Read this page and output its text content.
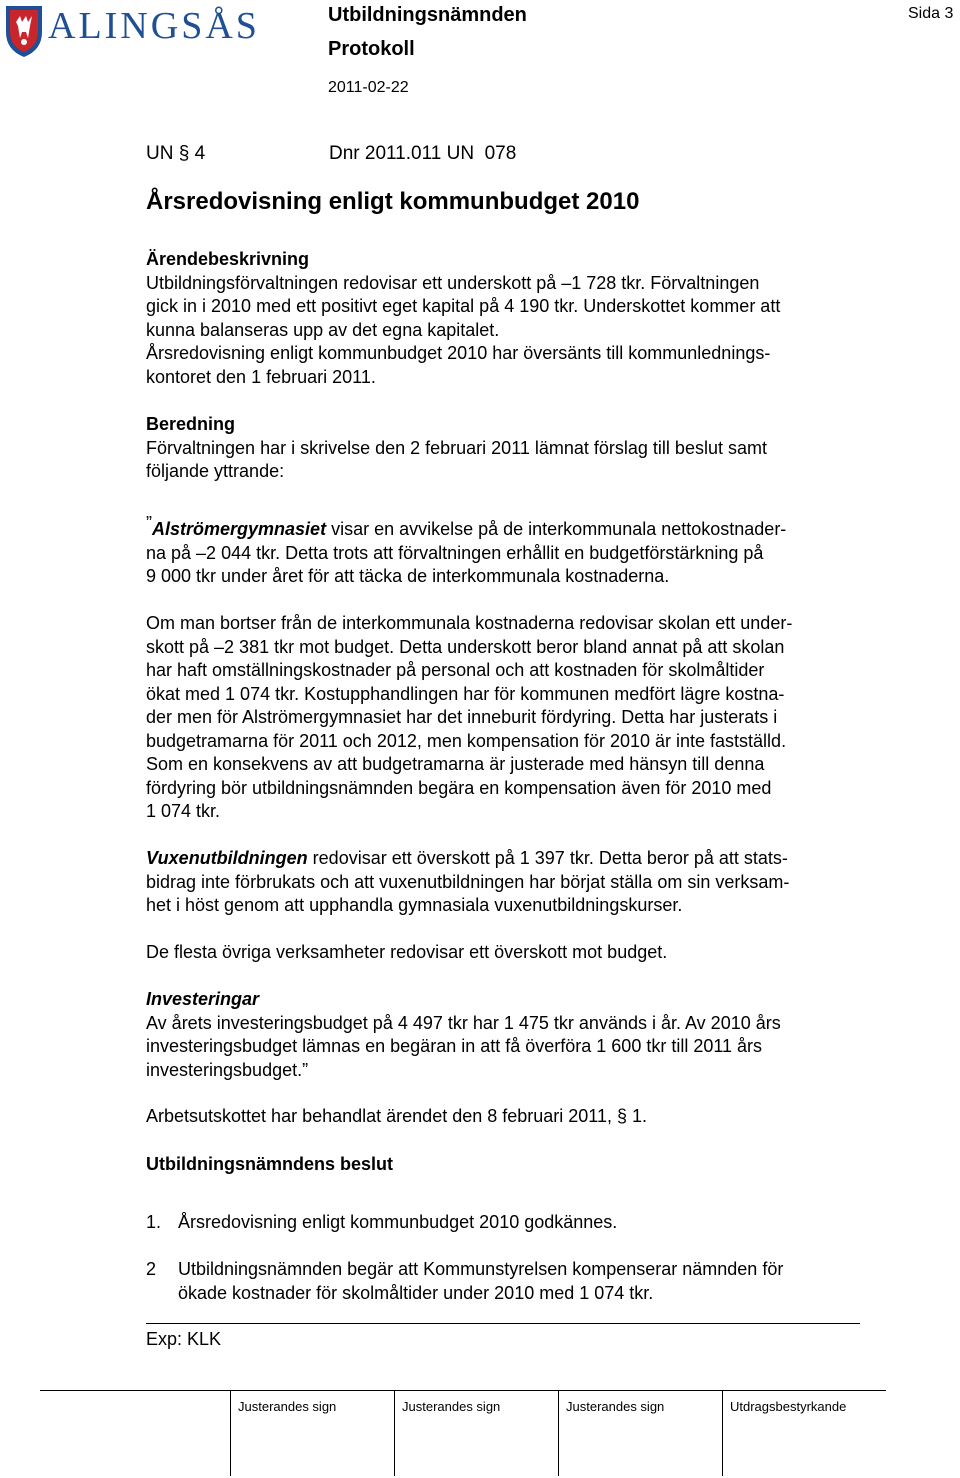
ALINGSÅS	Utbildningsnämnden
Protokoll
2011-02-22
Sida 3
UN § 4	Dnr 2011.011 UN  078
Årsredovisning enligt kommunbudget 2010
Ärendebeskrivning
Utbildningsförvaltningen redovisar ett underskott på –1 728 tkr. Förvaltningen
gick in i 2010 med ett positivt eget kapital på 4 190 tkr. Underskottet kommer att
kunna balanseras upp av det egna kapitalet.
Årsredovisning enligt kommunbudget 2010 har översänts till kommunlednings-
kontoret den 1 februari 2011.
Beredning
Förvaltningen har i skrivelse den 2 februari 2011 lämnat förslag till beslut samt
följande yttrande:
”Alströmergymnasiet visar en avvikelse på de interkommunala nettokostnader-
na på –2 044 tkr. Detta trots att förvaltningen erhållit en budgetförstärkning på
9 000 tkr under året för att täcka de interkommunala kostnaderna.
Om man bortser från de interkommunala kostnaderna redovisar skolan ett under-
skott på –2 381 tkr mot budget. Detta underskott beror bland annat på att skolan
har haft omställningskostnader på personal och att kostnaden för skolmåltider
ökat med 1 074 tkr. Kostupphandlingen har för kommunen medfört lägre kostna-
der men för Alströmergymnasiet har det inneburit fördyring. Detta har justerats i
budgetramarna för 2011 och 2012, men kompensation för 2010 är inte fastställd.
Som en konsekvens av att budgetramarna är justerade med hänsyn till denna
fördyring bör utbildningsnämnden begära en kompensation även för 2010 med
1 074 tkr.
Vuxenutbildningen redovisar ett överskott på 1 397 tkr. Detta beror på att stats-
bidrag inte förbrukats och att vuxenutbildningen har börjat ställa om sin verksam-
het i höst genom att upphandla gymnasiala vuxenutbildningskurser.
De flesta övriga verksamheter redovisar ett överskott mot budget.
Investeringar
Av årets investeringsbudget på 4 497 tkr har 1 475 tkr används i år. Av 2010 års
investeringsbudget lämnas en begäran in att få överföra 1 600 tkr till 2011 års
investeringsbudget.”
Arbetsutskottet har behandlat ärendet den 8 februari 2011, § 1.
Utbildningsnämndens beslut
1. Årsredovisning enligt kommunbudget 2010 godkännes.
2 Utbildningsnämnden begär att Kommunstyrelsen kompenserar nämnden för
ökade kostnader för skolmåltider under 2010 med 1 074 tkr.
Exp: KLK
Justerandes sign	Justerandes sign	Justerandes sign	Utdragsbestyrkande
